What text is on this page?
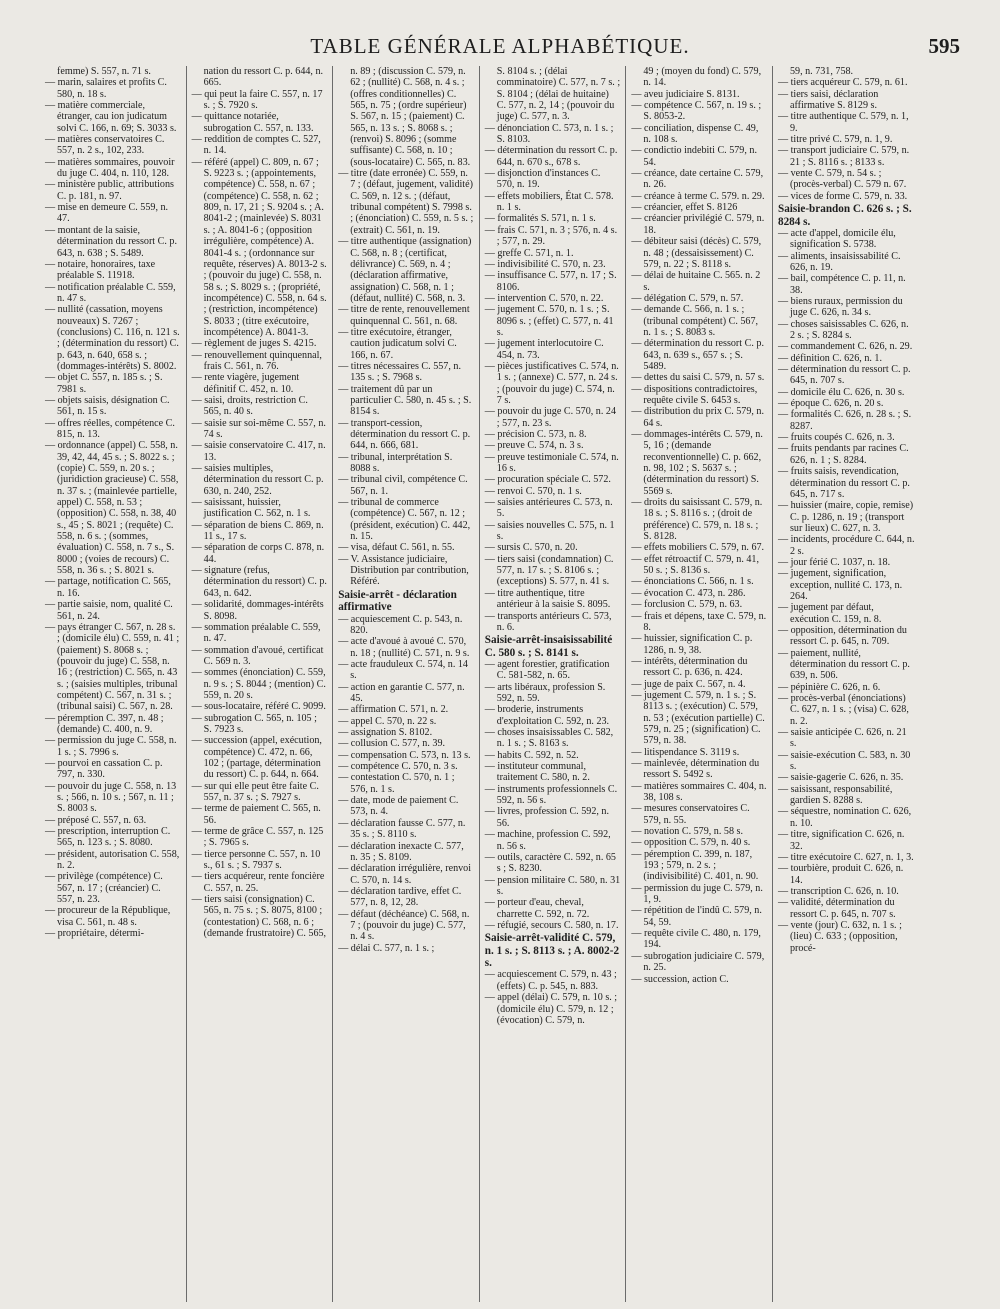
TABLE GÉNÉRALE ALPHABÉTIQUE.	595

femme) S. 557, n. 71 s.

— marin, salaires et profits C. 580, n. 18 s.

— matière commerciale, étranger, cau ion judicatum solvi C. 166, n. 69; S. 3033 s.

— matières conservatoires C. 557, n. 2 s., 102, 233.

— matières sommaires, pouvoir du juge C. 404, n. 110, 128.

— ministère public, attributions C. p. 181, n. 97.

— mise en demeure C. 559, n. 47.

— montant de la saisie, détermination du ressort C. p. 643, n. 638 ; S. 5489.

— notaire, honoraires, taxe préalable S. 11918.

— notification préalable C. 559, n. 47 s.

— nullité (cassation, moyens nouveaux) S. 7267 ; (conclusions) C. 116, n. 121 s. ; (détermination du ressort) C. p. 643, n. 640, 658 s. ; (dommages-intérêts) S. 8002.

— objet C. 557, n. 185 s. ; S. 7981 s.

— objets saisis, désignation C. 561, n. 15 s.

— offres réelles, compétence C. 815, n. 13.

— ordonnance (appel) C. 558, n. 39, 42, 44, 45 s. ; S. 8022 s. ; (copie) C. 559, n. 20 s. ; (juridiction gracieuse) C. 558, n. 37 s. ; (mainlevée partielle, appel) C. 558, n. 53 ; (opposition) C. 558, n. 38, 40 s., 45 ; S. 8021 ; (requête) C. 558, n. 6 s. ; (sommes, évaluation) C. 558, n. 7 s., S. 8000 ; (voies de recours) C. 558, n. 36 s. ; S. 8021 s.

— partage, notification C. 565, n. 16.

— partie saisie, nom, qualité C. 561, n. 24.

— pays étranger C. 567, n. 28 s. ; (domicile élu) C. 559, n. 41 ; (paiement) S. 8068 s. ; (pouvoir du juge) C. 558, n. 16 ; (restriction) C. 565, n. 43 s. ; (saisies multiples, tribunal compétent) C. 567, n. 31 s. ; (tribunal saisi) C. 567, n. 28.

— péremption C. 397, n. 48 ; (demande) C. 400, n. 9.

— permission du juge C. 558, n. 1 s. ; S. 7996 s.

— pourvoi en cassation C. p. 797, n. 330.

— pouvoir du juge C. 558, n. 13 s. ; 566, n. 10 s. ; 567, n. 11 ; S. 8003 s.

— préposé C. 557, n. 63.

— prescription, interruption C. 565, n. 123 s. ; S. 8080.

— président, autorisation C. 558, n. 2.

— privilège (compétence) C. 567, n. 17 ; (créancier) C. 557, n. 23.

— procureur de la République, visa C. 561, n. 48 s.

— propriétaire, détermi-

nation du ressort C. p. 644, n. 665.

— qui peut la faire C. 557, n. 17 s. ; S. 7920 s.

— quittance notariée, subrogation C. 557, n. 133.

— reddition de comptes C. 527, n. 14.

— référé (appel) C. 809, n. 67 ; S. 9223 s. ; (appointements, compétence) C. 558, n. 67 ; (compétence) C. 558, n. 62 ; 809, n. 17, 21 ; S. 9204 s. ; A. 8041-2 ; (mainlevée) S. 8031 s. ; A. 8041-6 ; (opposition irrégulière, compétence) A. 8041-4 s. ; (ordonnance sur requête, réserves) A. 8013-2 s. ; (pouvoir du juge) C. 558, n. 58 s. ; S. 8029 s. ; (propriété, incompétence) C. 558, n. 64 s. ; (restriction, incompétence) S. 8033 ; (titre exécutoire, incompétence) A. 8041-3.

— règlement de juges S. 4215.

— renouvellement quinquennal, frais C. 561, n. 76.

— rente viagère, jugement définitif C. 452, n. 10.

— saisi, droits, restriction C. 565, n. 40 s.

— saisie sur soi-même C. 557, n. 74 s.

— saisie conservatoire C. 417, n. 13.

— saisies multiples, détermination du ressort C. p. 630, n. 240, 252.

— saisissant, huissier, justification C. 562, n. 1 s.

— séparation de biens C. 869, n. 11 s., 17 s.

— séparation de corps C. 878, n. 44.

— signature (refus, détermination du ressort) C. p. 643, n. 642.

— solidarité, dommages-intérêts S. 8098.

— sommation préalable C. 559, n. 47.

— sommation d'avoué, certificat C. 569 n. 3.

— sommes (énonciation) C. 559, n. 9 s. ; S. 8044 ; (mention) C. 559, n. 20 s.

— sous-locataire, référé C. 9099.

— subrogation C. 565, n. 105 ; S. 7923 s.

— succession (appel, exécution, compétence) C. 472, n. 66, 102 ; (partage, détermination du ressort) C. p. 644, n. 664.

— sur qui elle peut être faite C. 557, n. 37 s. ; S. 7927 s.

— terme de paiement C. 565, n. 56.

— terme de grâce C. 557, n. 125 ; S. 7965 s.

— tierce personne C. 557, n. 10 s., 61 s. ; S. 7937 s.

— tiers acquéreur, rente foncière C. 557, n. 25.

— tiers saisi (consignation) C. 565, n. 75 s. ; S. 8075, 8100 ; (contestation) C. 568, n. 6 ; (demande frustratoire) C. 565,

n. 89 ; (discussion C. 579, n. 62 ; (nullité) C. 568, n. 4 s. ; (offres conditionnelles) C. 565, n. 75 ; (ordre supérieur) S. 567, n. 15 ; (paiement) C. 565, n. 13 s. ; S. 8068 s. ; (renvoi) S. 8096 ; (somme suffisante) C. 568, n. 10 ; (sous-locataire) C. 565, n. 83.

— titre (date erronée) C. 559, n. 7 ; (défaut, jugement, validité) C. 569, n. 12 s. ; (défaut, tribunal compétent) S. 7998 s. ; (énonciation) C. 559, n. 5 s. ; (extrait) C. 561, n. 19.

— titre authentique (assignation) C. 568, n. 8 ; (certificat, délivrance) C. 569, n. 4 ; (déclaration affirmative, assignation) C. 568, n. 1 ; (défaut, nullité) C. 568, n. 3.

— titre de rente, renouvellement quinquennal C. 561, n. 68.

— titre exécutoire, étranger, caution judicatum solvi C. 166, n. 67.

— titres nécessaires C. 557, n. 135 s. ; S. 7968 s.

— traitement dû par un particulier C. 580, n. 45 s. ; S. 8154 s.

— transport-cession, détermination du ressort C. p. 644, n. 666, 681.

— tribunal, interprétation S. 8088 s.

— tribunal civil, compétence C. 567, n. 1.

— tribunal de commerce (compétence) C. 567, n. 12 ; (président, exécution) C. 442, n. 15.

— visa, défaut C. 561, n. 55.

— V. Assistance judiciaire, Distribution par contribution, Référé.

Saisie-arrêt - déclaration affirmative

— acquiescement C. p. 543, n. 820.

— acte d'avoué à avoué C. 570, n. 18 ; (nullité) C. 571, n. 9 s.

— acte frauduleux C. 574, n. 14 s.

— action en garantie C. 577, n. 45.

— affirmation C. 571, n. 2.

— appel C. 570, n. 22 s.

— assignation S. 8102.

— collusion C. 577, n. 39.

— compensation C. 573, n. 13 s.

— compétence C. 570, n. 3 s.

— contestation C. 570, n. 1 ; 576, n. 1 s.

— date, mode de paiement C. 573, n. 4.

— déclaration fausse C. 577, n. 35 s. ; S. 8110 s.

— déclaration inexacte C. 577, n. 35 ; S. 8109.

— déclaration irrégulière, renvoi C. 570, n. 14 s.

— déclaration tardive, effet C. 577, n. 8, 12, 28.

— défaut (déchéance) C. 568, n. 7 ; (pouvoir du juge) C. 577, n. 4 s.

— délai C. 577, n. 1 s. ;

S. 8104 s. ; (délai comminatoire) C. 577, n. 7 s. ; S. 8104 ; (délai de huitaine) C. 577, n. 2, 14 ; (pouvoir du juge) C. 577, n. 3.

— dénonciation C. 573, n. 1 s. ; S. 8103.

— détermination du ressort C. p. 644, n. 670 s., 678 s.

— disjonction d'instances C. 570, n. 19.

— effets mobiliers, État C. 578. n. 1 s.

— formalités S. 571, n. 1 s.

— frais C. 571, n. 3 ; 576, n. 4 s. ; 577, n. 29.

— greffe C. 571, n. 1.

— indivisibilité C. 570, n. 23.

— insuffisance C. 577, n. 17 ; S. 8106.

— intervention C. 570, n. 22.

— jugement C. 570, n. 1 s. ; S. 8096 s. ; (effet) C. 577, n. 41 s.

— jugement interlocutoire C. 454, n. 73.

— pièces justificatives C. 574, n. 1 s. ; (annexe) C. 577, n. 24 s. ; (pouvoir du juge) C. 574, n. 7 s.

— pouvoir du juge C. 570, n. 24 ; 577, n. 23 s.

— précision C. 573, n. 8.

— preuve C. 574, n. 3 s.

— preuve testimoniale C. 574, n. 16 s.

— procuration spéciale C. 572.

— renvoi C. 570, n. 1 s.

— saisies antérieures C. 573, n. 5.

— saisies nouvelles C. 575, n. 1 s.

— sursis C. 570, n. 20.

— tiers saisi (condamnation) C. 577, n. 17 s. ; S. 8106 s. ; (exceptions) S. 577, n. 41 s.

— titre authentique, titre antérieur à la saisie S. 8095.

— transports antérieurs C. 573, n. 6.

Saisie-arrêt-insaisissabilité C. 580 s. ; S. 8141 s.

— agent forestier, gratification C. 581-582, n. 65.

— arts libéraux, profession S. 592, n. 59.

— broderie, instruments d'exploitation C. 592, n. 23.

— choses insaisissables C. 582, n. 1 s. ; S. 8163 s.

— habits C. 592, n. 52.

— instituteur communal, traitement C. 580, n. 2.

— instruments professionnels C. 592, n. 56 s.

— livres, profession C. 592, n. 56.

— machine, profession C. 592, n. 56 s.

— outils, caractère C. 592, n. 65 s ; S. 8230.

— pension militaire C. 580, n. 31 s.

— porteur d'eau, cheval, charrette C. 592, n. 72.

— réfugié, secours C. 580, n. 17.

Saisie-arrêt-validité C. 579, n. 1 s. ; S. 8113 s. ; A. 8002-2 s.

— acquiescement C. 579, n. 43 ; (effets) C. p. 545, n. 883.

— appel (délai) C. 579, n. 10 s. ; (domicile élu) C. 579, n. 12 ; (évocation) C. 579, n.

49 ; (moyen du fond) C. 579, n. 14.

— aveu judiciaire S. 8131.

— compétence C. 567, n. 19 s. ; S. 8053-2.

— conciliation, dispense C. 49, n. 108 s.

— condictio indebiti C. 579, n. 54.

— créance, date certaine C. 579, n. 26.

— créance à terme C. 579. n. 29.

— créancier, effet S. 8126

— créancier privilégié C. 579, n. 18.

— débiteur saisi (décès) C. 579, n. 48 ; (dessaisissement) C. 579, n. 22 ; S. 8118 s.

— délai de huitaine C. 565. n. 2 s.

— délégation C. 579, n. 57.

— demande C. 566, n. 1 s. ; (tribunal compétent) C. 567, n. 1 s. ; S. 8083 s.

— détermination du ressort C. p. 643, n. 639 s., 657 s. ; S. 5489.

— dettes du saisi C. 579, n. 57 s.

— dispositions contradictoires, requête civile S. 6453 s.

— distribution du prix C. 579, n. 64 s.

— dommages-intérêts C. 579, n. 5, 16 ; (demande reconventionnelle) C. p. 662, n. 98, 102 ; S. 5637 s. ; (détermination du ressort) S. 5569 s.

— droits du saisissant C. 579, n. 18 s. ; S. 8116 s. ; (droit de préférence) C. 579, n. 18 s. ; S. 8128.

— effets mobiliers C. 579, n. 67.

— effet rétroactif C. 579, n. 41, 50 s. ; S. 8136 s.

— énonciations C. 566, n. 1 s.

— évocation C. 473, n. 286.

— forclusion C. 579, n. 63.

— frais et dépens, taxe C. 579, n. 8.

— huissier, signification C. p. 1286, n. 9, 38.

— intérêts, détermination du ressort C. p. 636, n. 424.

— juge de paix C. 567, n. 4.

— jugement C. 579, n. 1 s. ; S. 8113 s. ; (exécution) C. 579, n. 53 ; (exécution partielle) C. 579, n. 25 ; (signification) C. 579, n. 38.

— litispendance S. 3119 s.

— mainlevée, détermination du ressort S. 5492 s.

— matières sommaires C. 404, n. 38, 108 s.

— mesures conservatoires C. 579, n. 55.

— novation C. 579, n. 58 s.

— opposition C. 579, n. 40 s.

— péremption C. 399, n. 187, 193 ; 579, n. 2 s. ; (indivisibilité) C. 401, n. 90.

— permission du juge C. 579, n. 1, 9.

— répétition de l'indû C. 579, n. 54, 59.

— requête civile C. 480, n. 179, 194.

— subrogation judiciaire C. 579, n. 25.

— succession, action C.

59, n. 731, 758.

— tiers acquéreur C. 579, n. 61.

— tiers saisi, déclaration affirmative S. 8129 s.

— titre authentique C. 579, n. 1, 9.

— titre privé C. 579, n. 1, 9.

— transport judiciaire C. 579, n. 21 ; S. 8116 s. ; 8133 s.

— vente C. 579, n. 54 s. ; (procès-verbal) C. 579 n. 67.

— vices de forme C. 579, n. 33.

Saisie-brandon C. 626 s. ; S. 8284 s.

— acte d'appel, domicile élu, signification S. 5738.

— aliments, insaisissabilité C. 626, n. 19.

— bail, compétence C. p. 11, n. 38.

— biens ruraux, permission du juge C. 626, n. 34 s.

— choses saisissables C. 626, n. 2 s. ; S. 8284 s.

— commandement C. 626, n. 29.

— définition C. 626, n. 1.

— détermination du ressort C. p. 645, n. 707 s.

— domicile élu C. 626, n. 30 s.

— époque C. 626, n. 20 s.

— formalités C. 626, n. 28 s. ; S. 8287.

— fruits coupés C. 626, n. 3.

— fruits pendants par racines C. 626, n. 1 ; S. 8284.

— fruits saisis, revendication, détermination du ressort C. p. 645, n. 717 s.

— huissier (maire, copie, remise) C. p. 1286, n. 19 ; (transport sur lieux) C. 627, n. 3.

— incidents, procédure C. 644, n. 2 s.

— jour férié C. 1037, n. 18.

— jugement, signification, exception, nullité C. 173, n. 264.

— jugement par défaut, exécution C. 159, n. 8.

— opposition, détermination du ressort C. p. 645, n. 709.

— paiement, nullité, détermination du ressort C. p. 639, n. 506.

— pépinière C. 626, n. 6.

— procès-verbal (énonciations) C. 627, n. 1 s. ; (visa) C. 628, n. 2.

— saisie anticipée C. 626, n. 21 s.

— saisie-exécution C. 583, n. 30 s.

— saisie-gagerie C. 626, n. 35.

— saisissant, responsabilité, gardien S. 8288 s.

— séquestre, nomination C. 626, n. 10.

— titre, signification C. 626, n. 32.

— titre exécutoire C. 627, n. 1, 3.

— tourbière, produit C. 626, n. 14.

— transcription C. 626, n. 10.

— validité, détermination du ressort C. p. 645, n. 707 s.

— vente (jour) C. 632, n. 1 s. ; (lieu) C. 633 ; (opposition, procé-
